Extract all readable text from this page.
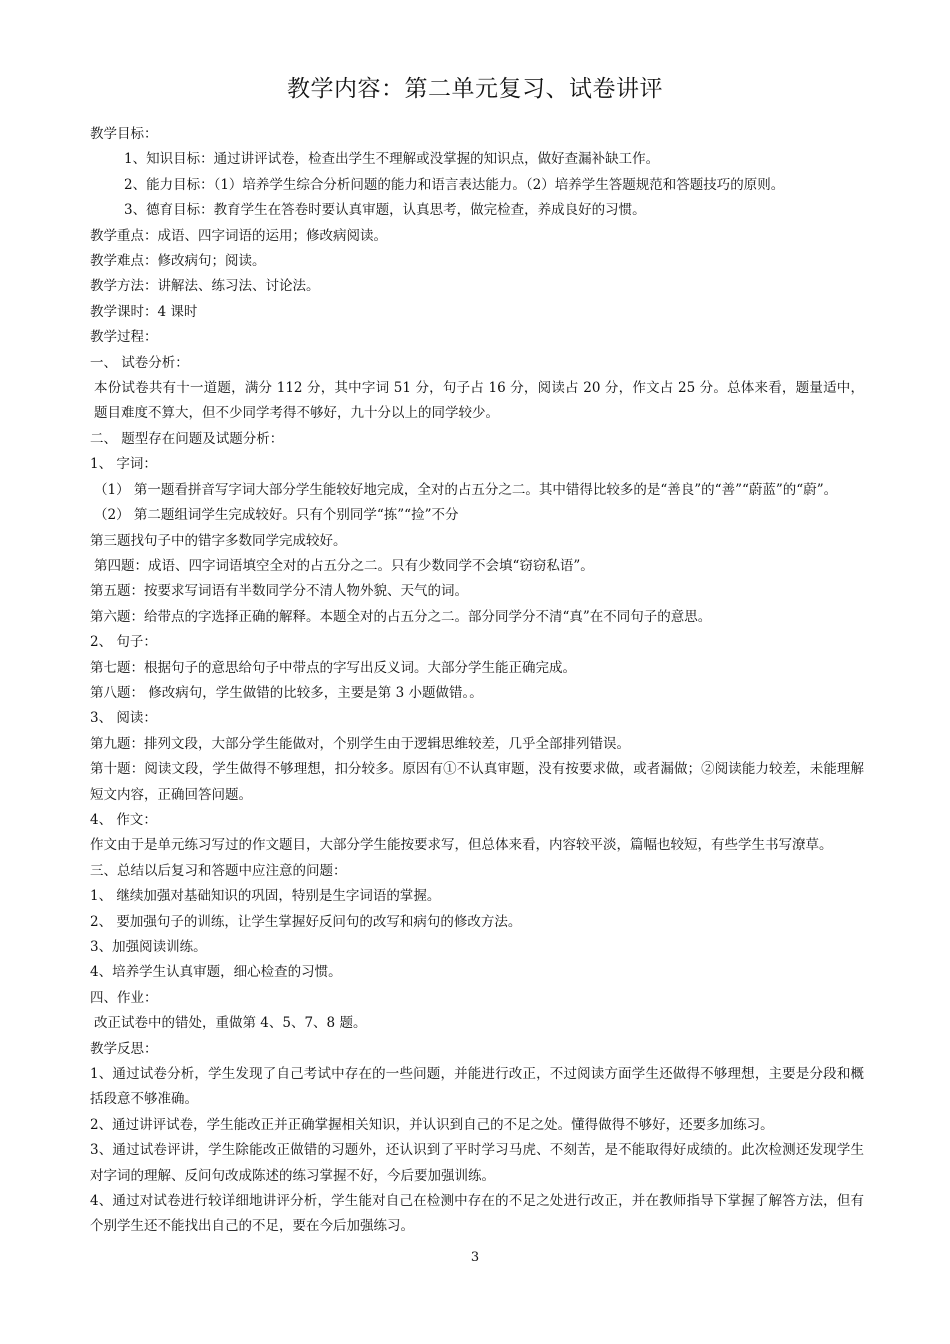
教学内容：第二单元复习、试卷讲评
教学目标：
1、知识目标：通过讲评试卷，检查出学生不理解或没掌握的知识点，做好查漏补缺工作。
2、能力目标：（1）培养学生综合分析问题的能力和语言表达能力。（2）培养学生答题规范和答题技巧的原则。
3、德育目标：教育学生在答卷时要认真审题，认真思考，做完检查，养成良好的习惯。
教学重点：成语、四字词语的运用；修改病阅读。
教学难点：修改病句；阅读。
教学方法：讲解法、练习法、讨论法。
教学课时：4 课时
教学过程：
一、 试卷分析：
本份试卷共有十一道题，满分 112 分，其中字词 51 分，句子占 16 分，阅读占 20 分，作文占 25 分。总体来看，题量适中，题目难度不算大，但不少同学考得不够好，九十分以上的同学较少。
二、 题型存在问题及试题分析：
1、 字词：
（1） 第一题看拼音写字词大部分学生能较好地完成，全对的占五分之二。其中错得比较多的是“善良”的“善”“蔚蓝”的“蔚”。
（2） 第二题组词学生完成较好。只有个别同学“拣”“捡”不分
第三题找句子中的错字多数同学完成较好。
第四题：成语、四字词语填空全对的占五分之二。只有少数同学不会填“窃窃私语”。
第五题：按要求写词语有半数同学分不清人物外貌、天气的词。
第六题：给带点的字选择正确的解释。本题全对的占五分之二。部分同学分不清“真”在不同句子的意思。
2、 句子：
第七题：根据句子的意思给句子中带点的字写出反义词。大部分学生能正确完成。
第八题： 修改病句，学生做错的比较多，主要是第 3 小题做错。。
3、 阅读：
第九题：排列文段，大部分学生能做对，个别学生由于逻辑思维较差，几乎全部排列错误。
第十题：阅读文段，学生做得不够理想，扣分较多。原因有①不认真审题，没有按要求做，或者漏做；②阅读能力较差，未能理解短文内容，正确回答问题。
4、 作文：
作文由于是单元练习写过的作文题目，大部分学生能按要求写，但总体来看，内容较平淡，篇幅也较短，有些学生书写潦草。
三、总结以后复习和答题中应注意的问题：
1、 继续加强对基础知识的巩固，特别是生字词语的掌握。
2、 要加强句子的训练，让学生掌握好反问句的改写和病句的修改方法。
3、加强阅读训练。
4、培养学生认真审题，细心检查的习惯。
四、作业：
改正试卷中的错处，重做第 4、5、7、8 题。
教学反思：
1、通过试卷分析，学生发现了自己考试中存在的一些问题，并能进行改正，不过阅读方面学生还做得不够理想，主要是分段和概括段意不够准确。
2、通过讲评试卷，学生能改正并正确掌握相关知识，并认识到自己的不足之处。懂得做得不够好，还要多加练习。
3、通过试卷评讲，学生除能改正做错的习题外，还认识到了平时学习马虎、不刻苦，是不能取得好成绩的。此次检测还发现学生对字词的理解、反问句改成陈述的练习掌握不好，今后要加强训练。
4、通过对试卷进行较详细地讲评分析，学生能对自己在检测中存在的不足之处进行改正，并在教师指导下掌握了解答方法，但有个别学生还不能找出自己的不足，要在今后加强练习。
3
